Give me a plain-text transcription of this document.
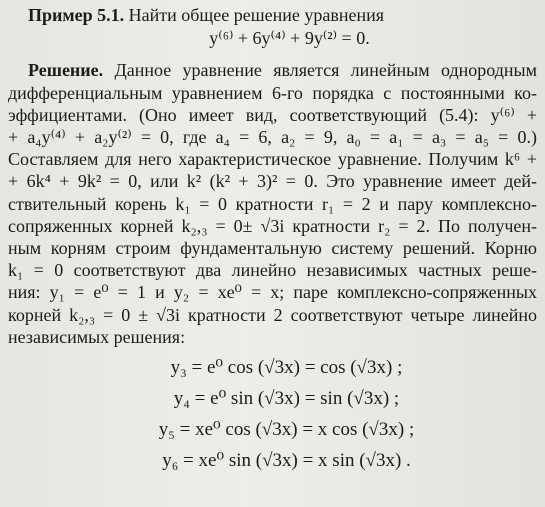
Пример 5.1. Найти общее решение уравнения
y⁽⁶⁾ + 6y⁽⁴⁾ + 9y⁽²⁾ = 0.
Решение. Данное уравнение является линейным однородным
дифференциальным уравнением 6-го порядка с постоянными ко-
эффициентами. (Оно имеет вид, соответствующий (5.4): y⁽⁶⁾ +
+ a₄y⁽⁴⁾ + a₂y⁽²⁾ = 0, где a₄ = 6, a₂ = 9, a₀ = a₁ = a₃ = a₅ = 0.)
Составляем для него характеристическое уравнение. Получим k⁶ +
+ 6k⁴ + 9k² = 0, или k² (k² + 3)² = 0. Это уравнение имеет дей-
ствительный корень k₁ = 0 кратности r₁ = 2 и пару комплексно-
сопряженных корней k₂,₃ = 0± √3i кратности r₂ = 2. По получен-
ным корням строим фундаментальную систему решений. Корню
k₁ = 0 соответствуют два линейно независимых частных реше-
ния: y₁ = e⁰ = 1 и y₂ = xe⁰ = x; паре комплексно-сопряженных
корней k₂,₃ = 0 ± √3i кратности 2 соответствуют четыре линейно
независимых решения:
y₃ = e⁰ cos (√3x) = cos (√3x) ;
y₄ = e⁰ sin (√3x) = sin (√3x) ;
y₅ = xe⁰ cos (√3x) = x cos (√3x) ;
y₆ = xe⁰ sin (√3x) = x sin (√3x) .
